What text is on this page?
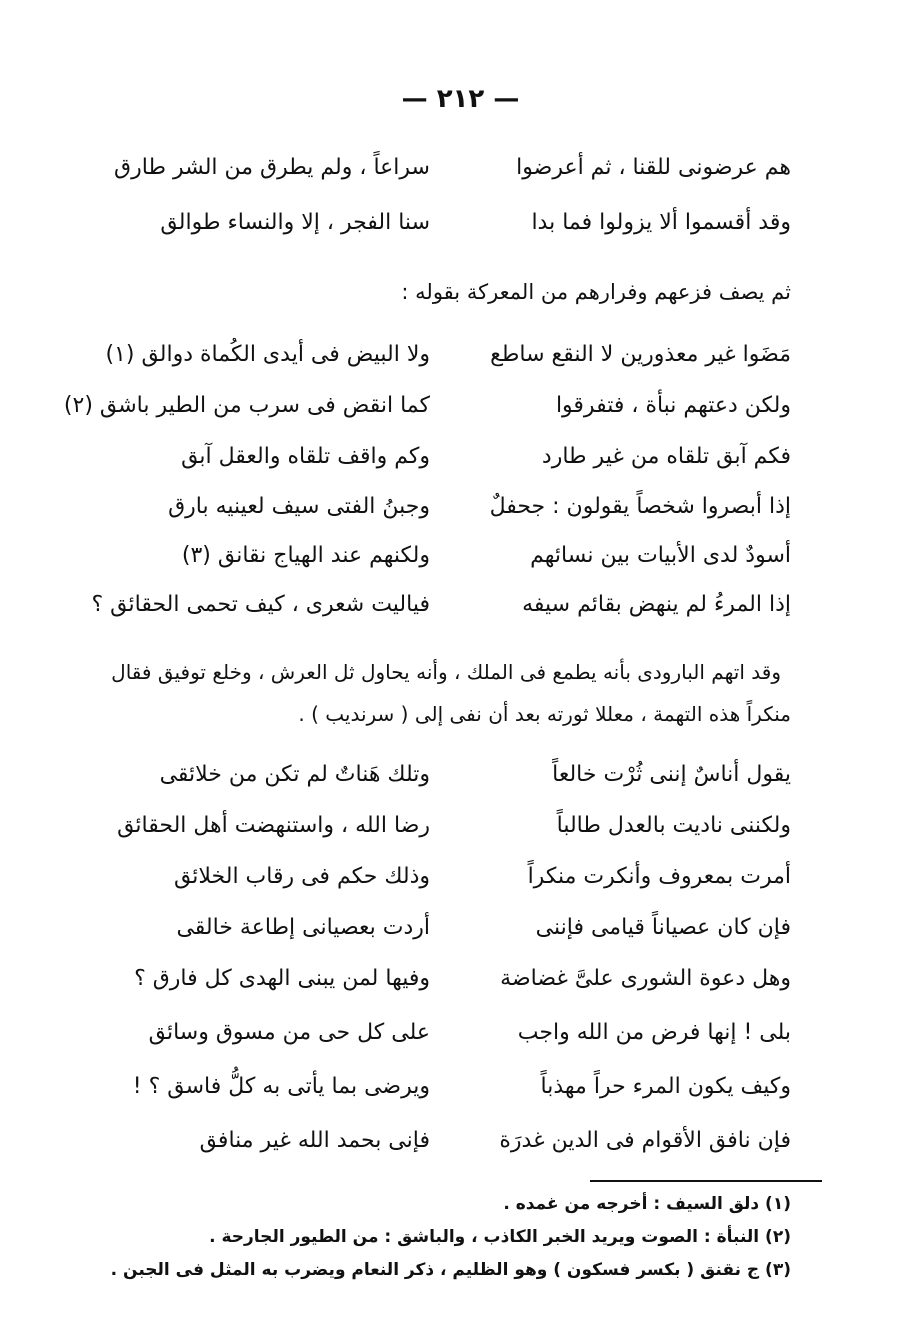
— ٢١٢ —
هم عرضونى للقنا ، ثم أعرضوا
سراعاً ، ولم يطرق من الشر طارق
وقد أقسموا ألا يزولوا فما بدا
سنا الفجر ، إلا والنساء طوالق
ثم يصف فزعهم وفرارهم من المعركة بقوله :
مَضَوا غير معذورين لا النقع ساطع
ولا البيض فى أيدى الكُماة دوالق (١)
ولكن دعتهم نبأة ، فتفرقوا
كما انقض فى سرب من الطير باشق (٢)
فكم آبق تلقاه من غير طارد
وكم واقف تلقاه والعقل آبق
إذا أبصروا شخصاً يقولون : جحفلٌ
وجبنُ الفتى سيف لعينيه بارق
أسودٌ لدى الأبيات بين نسائهم
ولكنهم عند الهياج نقانق (٣)
إذا المرءُ لم ينهض بقائم سيفه
فياليت شعرى ، كيف تحمى الحقائق ؟
وقد اتهم البارودى بأنه يطمع فى الملك ، وأنه يحاول ثل العرش ، وخلع توفيق فقال
منكراً هذه التهمة ، معللا ثورته بعد أن نفى إلى ( سرنديب ) .
يقول أناسٌ إننى ثُرْت خالعاً
وتلك هَناتٌ لم تكن من خلائقى
ولكننى ناديت بالعدل طالباً
رضا الله ، واستنهضت أهل الحقائق
أمرت بمعروف وأنكرت منكراً
وذلك حكم فى رقاب الخلائق
فإن كان عصياناً قيامى فإننى
أردت بعصيانى إطاعة خالقى
وهل دعوة الشورى علىَّ غضاضة
وفيها لمن يبنى الهدى كل فارق ؟
بلى ! إنها فرض من الله واجب
على كل حى من مسوق وسائق
وكيف يكون المرء حراً مهذباً
ويرضى بما يأتى به كلُّ فاسق ؟ !
فإن نافق الأقوام فى الدين غدرَة
فإنى بحمد الله غير منافق
(١) دلق السيف : أخرجه من غمده .
(٢) النبأة : الصوت ويريد الخبر الكاذب ، والباشق : من الطيور الجارحة .
(٣) ج نقنق ( بكسر فسكون ) وهو الظليم ، ذكر النعام ويضرب به المثل فى الجبن .
